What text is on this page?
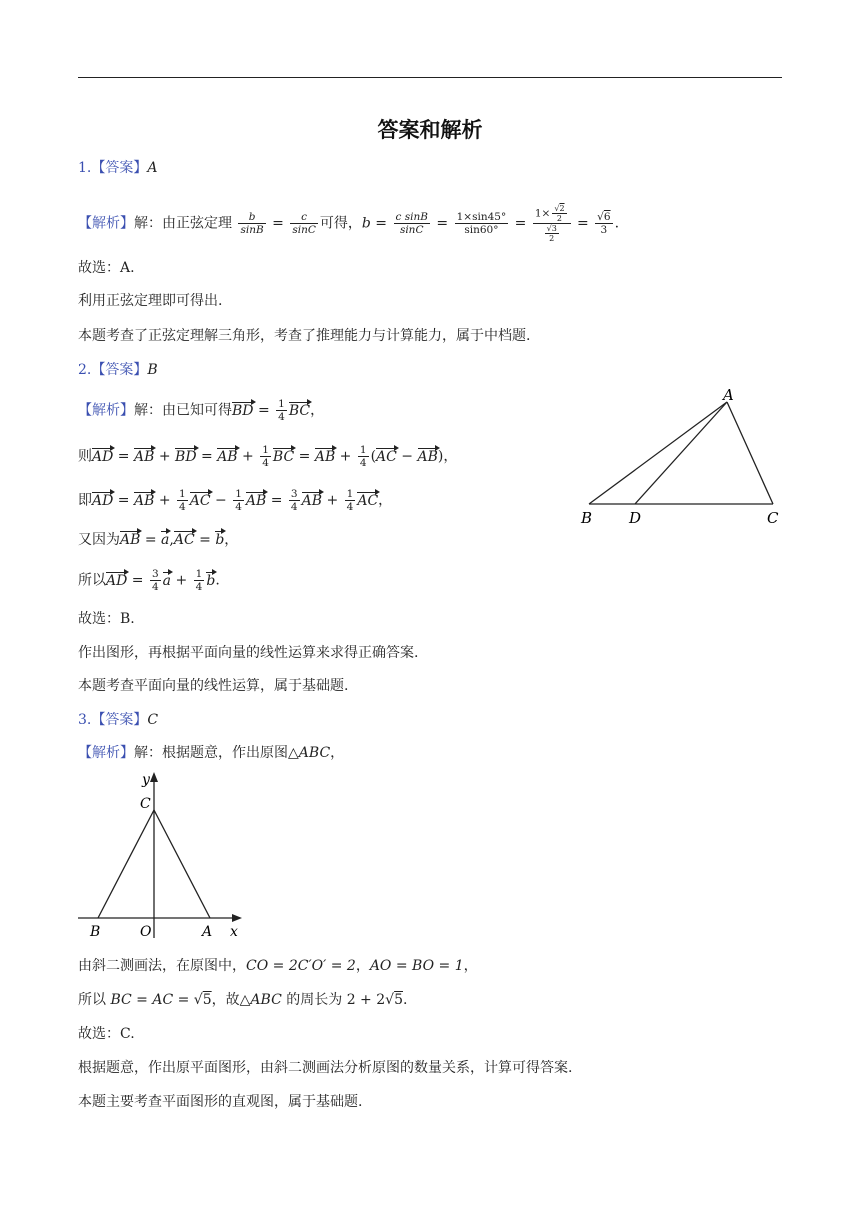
答案和解析
1.【答案】A
【解析】解：由正弦定理 $\frac{b}{\sin B} = \frac{c}{\sin C}$ 可得，$b = \frac{\text{c sinB}}{\sin C} = \frac{1\times\sin 45^\circ}{\sin 60^\circ} = \frac{1\times \frac{√2}{2}}{\frac{√3}{2}} = \frac{√6}{3}$ .
故选：A.
利用正弦定理即可得出.
本题考查了正弦定理解三角形，考查了推理能力与计算能力，属于中档题.
2.【答案】B
【解析】解：由已知可得BD = $\frac{1}{4}$ BC，
则AD = AB + BD = AB + $\frac{1}{4}$ BC = AB + $\frac{1}{4} (AC - AB)$，
即AD = AB + $\frac{1}{4}$ AC − $\frac{1}{4}$ AB = $\frac{3}{4}$ AB + $\frac{1}{4}$ AC，
又因为AB = a,AC = b，
所以AD = $\frac{3}{4}$ $a + \frac{1}{4} b$.
故选：B.
作出图形，再根据平面向量的线性运算来求得正确答案.
本题考查平面向量的线性运算，属于基础题.
A
B D	C
3.【答案】C
【解析】解：根据题意，作出原图△ABC，
y
C
B	O	A x
由斜二测画法，在原图中，CO = 2C′O′ = 2，AO = BO = 1，
所以 BC = AC = √5，故△ABC 的周长为 2 + 2√5.
故选：C.
根据题意，作出原平面图形，由斜二测画法分析原图的数量关系，计算可得答案.
本题主要考查平面图形的直观图，属于基础题.
